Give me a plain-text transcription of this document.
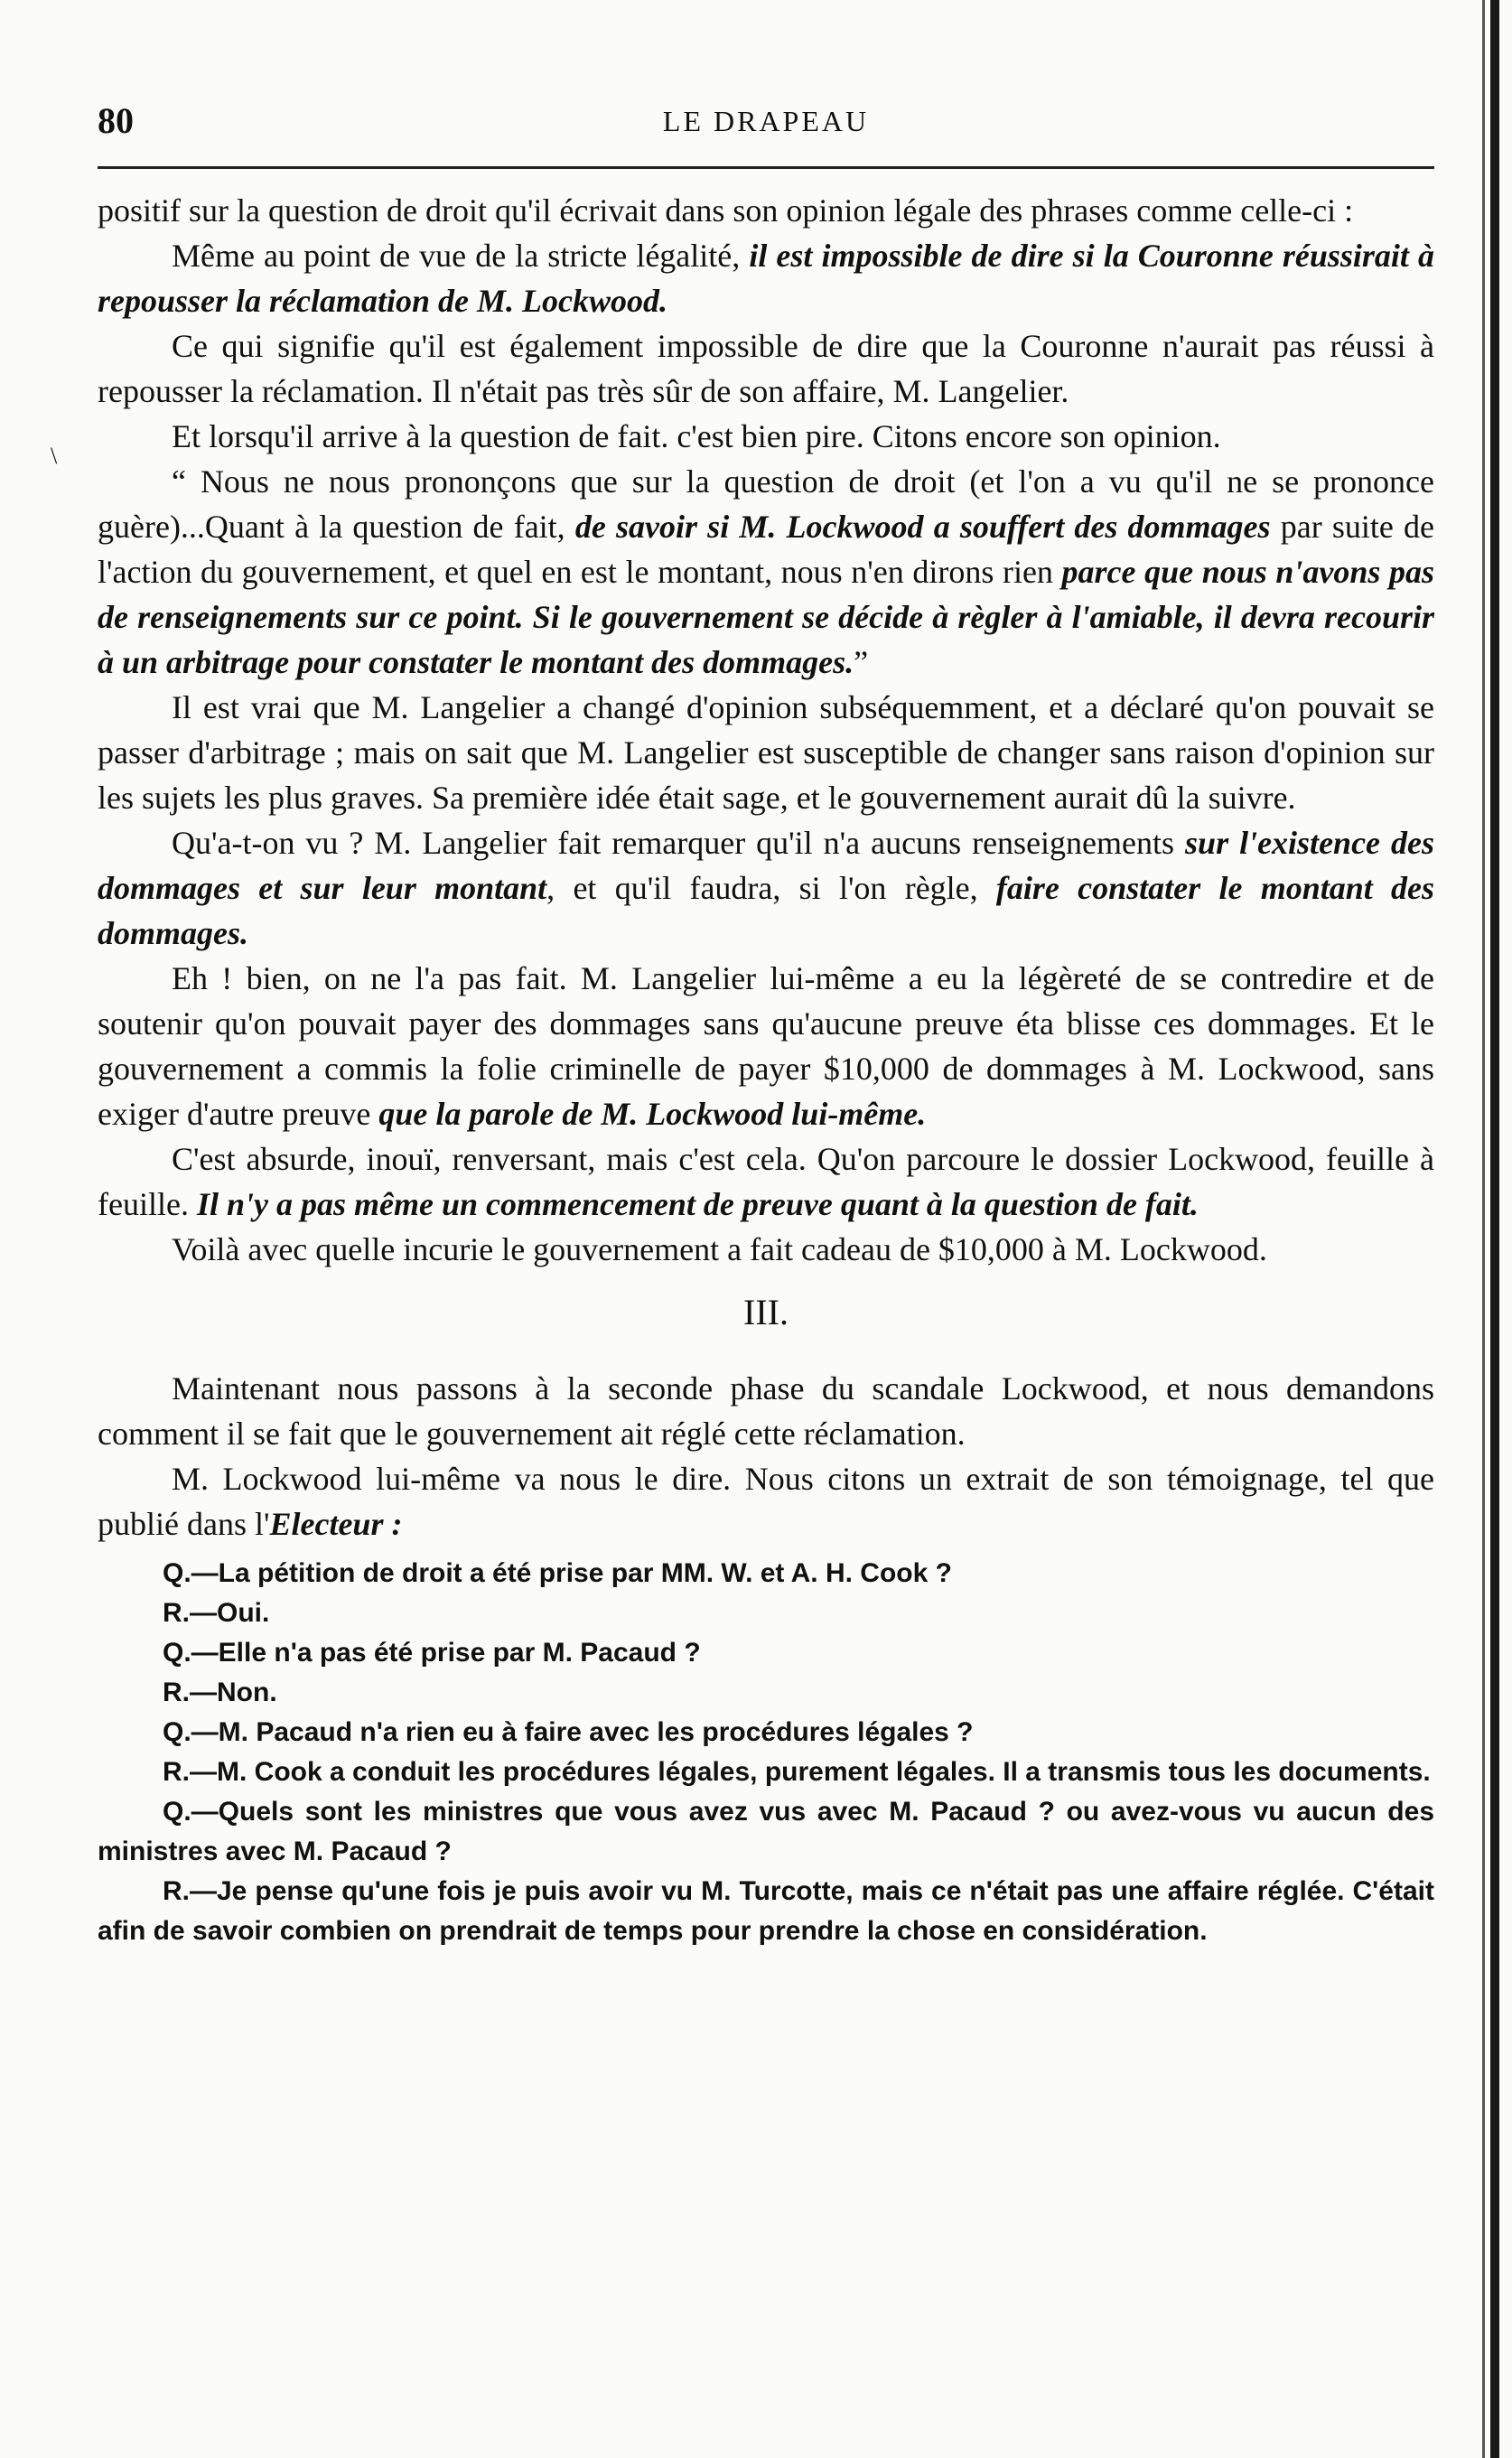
80	LE DRAPEAU
\

positif sur la question de droit qu'il écrivait dans son opinion légale des phrases comme celle-ci :

Même au point de vue de la stricte légalité, il est impossible de dire si la Couronne réussirait à repousser la réclamation de M. Lockwood.

Ce qui signifie qu'il est également impossible de dire que la Couronne n'aurait pas réussi à repousser la réclamation. Il n'était pas très sûr de son affaire, M. Langelier.

Et lorsqu'il arrive à la question de fait. c'est bien pire. Citons encore son opinion.

“ Nous ne nous prononçons que sur la question de droit (et l'on a vu qu'il ne se prononce guère)...Quant à la question de fait, de savoir si M. Lockwood a souffert des dommages par suite de l'action du gouvernement, et quel en est le montant, nous n'en dirons rien parce que nous n'avons pas de renseignements sur ce point. Si le gouvernement se décide à règler à l'amiable, il devra recourir à un arbitrage pour constater le montant des dommages.”

Il est vrai que M. Langelier a changé d'opinion subséquemment, et a déclaré qu'on pouvait se passer d'arbitrage ; mais on sait que M. Langelier est susceptible de changer sans raison d'opinion sur les sujets les plus graves. Sa première idée était sage, et le gouvernement aurait dû la suivre.

Qu'a-t-on vu ? M. Langelier fait remarquer qu'il n'a aucuns renseignements sur l'existence des dommages et sur leur montant, et qu'il faudra, si l'on règle, faire constater le montant des dommages.

Eh ! bien, on ne l'a pas fait. M. Langelier lui-même a eu la légèreté de se contredire et de soutenir qu'on pouvait payer des dommages sans qu'aucune preuve éta blisse ces dommages. Et le gouvernement a commis la folie criminelle de payer $10,000 de dommages à M. Lockwood, sans exiger d'autre preuve que la parole de M. Lockwood lui-même.

C'est absurde, inouï, renversant, mais c'est cela. Qu'on parcoure le dossier Lockwood, feuille à feuille. Il n'y a pas même un commencement de preuve quant à la question de fait.

Voilà avec quelle incurie le gouvernement a fait cadeau de $10,000 à M. Lockwood.

III.

Maintenant nous passons à la seconde phase du scandale Lockwood, et nous demandons comment il se fait que le gouvernement ait réglé cette réclamation.

M. Lockwood lui-même va nous le dire. Nous citons un extrait de son témoignage, tel que publié dans l'Electeur :

Q.—La pétition de droit a été prise par MM. W. et A. H. Cook ?

R.—Oui.

Q.—Elle n'a pas été prise par M. Pacaud ?

R.—Non.

Q.—M. Pacaud n'a rien eu à faire avec les procédures légales ?

R.—M. Cook a conduit les procédures légales, purement légales. Il a transmis tous les documents.

Q.—Quels sont les ministres que vous avez vus avec M. Pacaud ? ou avez-vous vu aucun des ministres avec M. Pacaud ?

R.—Je pense qu'une fois je puis avoir vu M. Turcotte, mais ce n'était pas une affaire réglée. C'était afin de savoir combien on prendrait de temps pour prendre la chose en considération.
